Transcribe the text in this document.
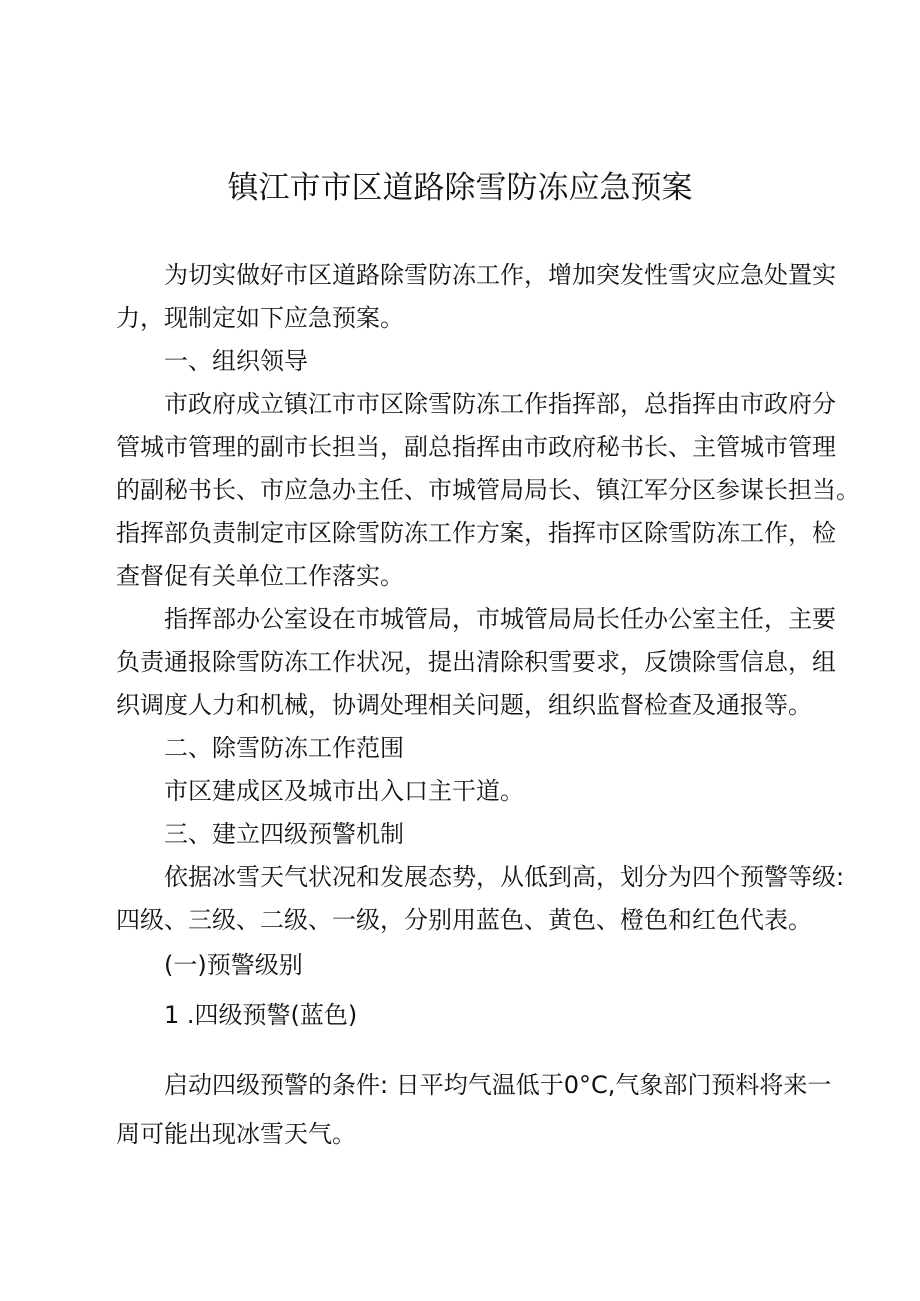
镇江市市区道路除雪防冻应急预案
为切实做好市区道路除雪防冻工作，增加突发性雪灾应急处置实
力，现制定如下应急预案。
一、组织领导
市政府成立镇江市市区除雪防冻工作指挥部，总指挥由市政府分
管城市管理的副市长担当，副总指挥由市政府秘书长、主管城市管理
的副秘书长、市应急办主任、市城管局局长、镇江军分区参谋长担当。
指挥部负责制定市区除雪防冻工作方案，指挥市区除雪防冻工作，检
查督促有关单位工作落实。
指挥部办公室设在市城管局，市城管局局长任办公室主任，主要
负责通报除雪防冻工作状况，提出清除积雪要求，反馈除雪信息，组
织调度人力和机械，协调处理相关问题，组织监督检查及通报等。
二、除雪防冻工作范围
市区建成区及城市出入口主干道。
三、建立四级预警机制
依据冰雪天气状况和发展态势，从低到高，划分为四个预警等级:
四级、三级、二级、一级，分别用蓝色、黄色、橙色和红色代表。
(一)预警级别
1 .四级预警(蓝色)
启动四级预警的条件: 日平均气温低于0°C,气象部门预料将来一
周可能出现冰雪天气。
